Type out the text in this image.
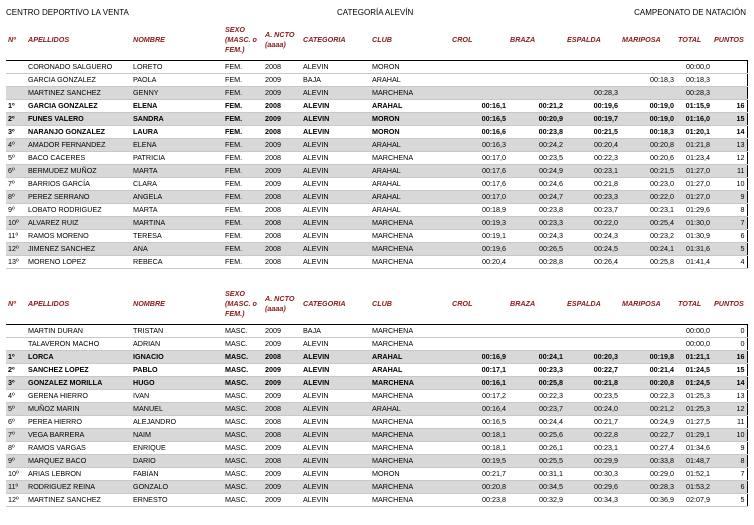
CENTRO DEPORTIVO LA VENTA	CATEGORÍA ALEVÍN	CAMPEONATO DE NATACIÓN
Nº	APELLIDOS	NOMBRE	SEXO (MASC. o FEM.)	A. NCTO (aaaa)	CATEGORIA	CLUB	CROL	BRAZA	ESPALDA	MARIPOSA	TOTAL	PUNTOS
	CORONADO SALGUERO	LORETO	FEM.	2008	ALEVIN	MORON					00:00,0	
	GARCIA GONZALEZ	PAOLA	FEM.	2009	BAJA	ARAHAL				00:18,3	00:18,3	
	MARTINEZ SANCHEZ	GENNY	FEM.	2009	ALEVIN	MARCHENA			00:28,3		00:28,3	
1º	GARCIA GONZALEZ	ELENA	FEM.	2008	ALEVIN	ARAHAL	00:16,1	00:21,2	00:19,6	00:19,0	01:15,9	16
2º	FUNES VALERO	SANDRA	FEM.	2009	ALEVIN	MORON	00:16,5	00:20,9	00:19,7	00:19,0	01:16,0	15
3º	NARANJO GONZALEZ	LAURA	FEM.	2008	ALEVIN	MORON	00:16,6	00:23,8	00:21,5	00:18,3	01:20,1	14
4º	AMADOR FERNANDEZ	ELENA	FEM.	2009	ALEVIN	ARAHAL	00:16,3	00:24,2	00:20,4	00:20,8	01:21,8	13
5º	BACO CACERES	PATRICIA	FEM.	2008	ALEVIN	MARCHENA	00:17,0	00:23,5	00:22,3	00:20,6	01:23,4	12
6º	BERMUDEZ MUÑOZ	MARTA	FEM.	2009	ALEVIN	ARAHAL	00:17,6	00:24,9	00:23,1	00:21,5	01:27,0	11
7º	BARRIOS GARCÍA	CLARA	FEM.	2009	ALEVIN	ARAHAL	00:17,6	00:24,6	00:21,8	00:23,0	01:27,0	10
8º	PEREZ SERRANO	ANGELA	FEM.	2008	ALEVIN	ARAHAL	00:17,0	00:24,7	00:23,3	00:22,0	01:27,0	9
9º	LOBATO RODRIGUEZ	MARTA	FEM.	2008	ALEVIN	ARAHAL	00:18,9	00:23,8	00:23,7	00:23,1	01:29,6	8
10º	ALVAREZ RUIZ	MARTINA	FEM.	2008	ALEVIN	MARCHENA	00:19,3	00:23,3	00:22,0	00:25,4	01:30,0	7
11º	RAMOS MORENO	TERESA	FEM.	2008	ALEVIN	MARCHENA	00:19,1	00:24,3	00:24,3	00:23,2	01:30,9	6
12º	JIMENEZ SANCHEZ	ANA	FEM.	2008	ALEVIN	MARCHENA	00:19,6	00:26,5	00:24,5	00:24,1	01:31,6	5
13º	MORENO LOPEZ	REBECA	FEM.	2008	ALEVIN	MARCHENA	00:20,4	00:28,8	00:26,4	00:25,8	01:41,4	4
Nº	APELLIDOS	NOMBRE	SEXO (MASC. o FEM.)	A. NCTO (aaaa)	CATEGORIA	CLUB	CROL	BRAZA	ESPALDA	MARIPOSA	TOTAL	PUNTOS
	MARTIN DURAN	TRISTAN	MASC.	2009	BAJA	MARCHENA					00:00,0	0
	TALAVERON MACHO	ADRIAN	MASC.	2009	ALEVIN	MARCHENA					00:00,0	0
1º	LORCA	IGNACIO	MASC.	2008	ALEVIN	ARAHAL	00:16,9	00:24,1	00:20,3	00:19,8	01:21,1	16
2º	SANCHEZ LOPEZ	PABLO	MASC.	2009	ALEVIN	ARAHAL	00:17,1	00:23,3	00:22,7	00:21,4	01:24,5	15
3º	GONZALEZ MORILLA	HUGO	MASC.	2009	ALEVIN	MARCHENA	00:16,1	00:25,8	00:21,8	00:20,8	01:24,5	14
4º	GERENA HIERRO	IVAN	MASC.	2009	ALEVIN	MARCHENA	00:17,2	00:22,3	00:23,5	00:22,3	01:25,3	13
5º	MUÑOZ MARIN	MANUEL	MASC.	2008	ALEVIN	ARAHAL	00:16,4	00:23,7	00:24,0	00:21,2	01:25,3	12
6º	PEREA HIERRO	ALEJANDRO	MASC.	2008	ALEVIN	MARCHENA	00:16,5	00:24,4	00:21,7	00:24,9	01:27,5	11
7º	VEGA BARRERA	NAIM	MASC.	2008	ALEVIN	MARCHENA	00:18,1	00:25,6	00:22,8	00:22,7	01:29,1	10
8º	RAMOS VARGAS	ENRIQUE	MASC.	2009	ALEVIN	MARCHENA	00:18,1	00:26,1	00:23,1	00:27,4	01:34,6	9
9º	MARQUEZ BACO	DARIO	MASC.	2008	ALEVIN	MARCHENA	00:19,5	00:25,5	00:29,9	00:33,8	01:48,7	8
10º	ARIAS LEBRON	FABIAN	MASC.	2009	ALEVIN	MORON	00:21,7	00:31,1	00:30,3	00:29,0	01:52,1	7
11º	RODRIGUEZ REINA	GONZALO	MASC.	2009	ALEVIN	MARCHENA	00:20,8	00:34,5	00:29,6	00:28,3	01:53,2	6
12º	MARTINEZ SANCHEZ	ERNESTO	MASC.	2009	ALEVIN	MARCHENA	00:23,8	00:32,9	00:34,3	00:36,9	02:07,9	5
